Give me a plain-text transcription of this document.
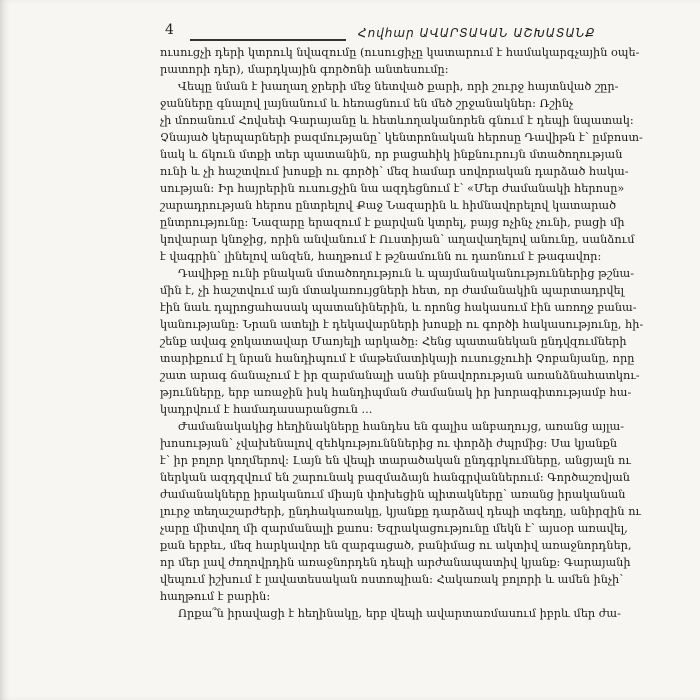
4	Հովհար ԱՎԱՐՏԱԿԱՆ ԱՇԽԱՏԱՆՔ
ուսուցչի դերի կտրուկ նվազումը (ուսուցիչը կատարում է համակարգչային օպե-
րատորի դեր), մարդկային գործոնի անտեսումը:
Վեպը նման է խաղաղ ջրերի մեջ նետված քարի, որի շուրջ հայտնված շըր-
ջանները գնալով լայնանում և հեռացնում են մեծ շրջանակներ: Ռշինչ
չի մոռանում Հովսեփ Գարայանը և հետևողականորեն գնում է դեպի նպատակ:
Չնայած կերպարների բազմությանը՝ կենտրոնական հերոսը Դավիթն է՝ ըմբոստ-
նակ և ճկուն մտքի տեր պատանին, որ բացահիկ ինքնուրույն մտածողության
ունի և չի հաշտվում խոսքի ու գործի՝ մեզ համար սովորական դարձած հակա-
սության: Իր հայրերին ուսուցչին նա ազդեցնում է՝ «Մեր ժամանակի հերոսը»
շարադրության հերոս ընտրելով Քաջ Նազարին և հիմնավորելով կատարած
ընտրությունը: Նազարը երազում է քարվան կտրել, բայց ոչինչ չունի, բացի մի
կովարար կնոջից, որին անվանում է Ուստիյան՝ աղավաղելով անունը, սանձում
է վագրին՝ լինելով անզեն, հաղթում է թշնամունն ու դառնում է թագավոր:
Դավիթը ունի բնական մտածողություն և պայմանականություններից թշնա-
մին է, չի հաշտվում այն մտակառույցների հետ, որ ժամանակին պարտադրվել
էին նաև դպրոցահասակ պատանիներին, և որոնց հակասում էին առողջ բանա-
կանությանը: Նրան ատելի է դեկավարների խոսքի ու գործի հակասությունը, հի-
շենք ավագ ջոկատավար Մաոյելի արկածը: Հենց պատանեկան ընդվզումների
տարիքում էլ նրան հանդիպում է մաթեմատիկայի ուսուցչուհի Չոբանյանը, որը
շատ արագ ճանաչում է իր զարմանալի սանի բնավորության առանձնահատկու-
թյունները, երբ առաջին իսկ հանդիպման ժամանակ իր խորագիտությամբ հա-
կադրվում է համադասարանցուն ...
Ժամանակակից հեղինակները հանդես են գալիս անբաղույց, առանց այլա-
խոսության՝ չվախենալով զեհկությունններից ու փորձի ժպրմից: Սա կյանքն
է՝ իր բոլոր կողմերով: Լայն են վեպի տարածական ընդգրկումները, անցյալն ու
ներկան ազդզվում են շարունակ բազմաձայն հանգրվաններում: Գործաշռվյան
ժամանակները իրականում միայն փոխեցին պիտակները՝ առանց իրականան
լուրջ տեղաշարժերի, ընդհակառակը, կյանքը դարձավ դեպի տգեղը, անիրզին ու
չարը միտվող մի զարմանալի քաոս: Եզրակացությունը մեկն է՝ այսօր առավել,
քան երբեւ, մեզ հարկավոր են զարգացած, բանիմաց ու ակտիվ առաջնորդներ,
որ մեր լավ ժողովրդին առաջնորդեն դեպի արժանապատիվ կյանք: Գարայանի
վեպում իշխում է լավատեսական ոստոպիան: Հակառակ բոլորի և ամեն ինչի՝
հաղթում է բարին:
Որքա՞ն իրավացի է հեղինակը, երբ վեպի ավարտառմասում իբրև մեր ժա-
